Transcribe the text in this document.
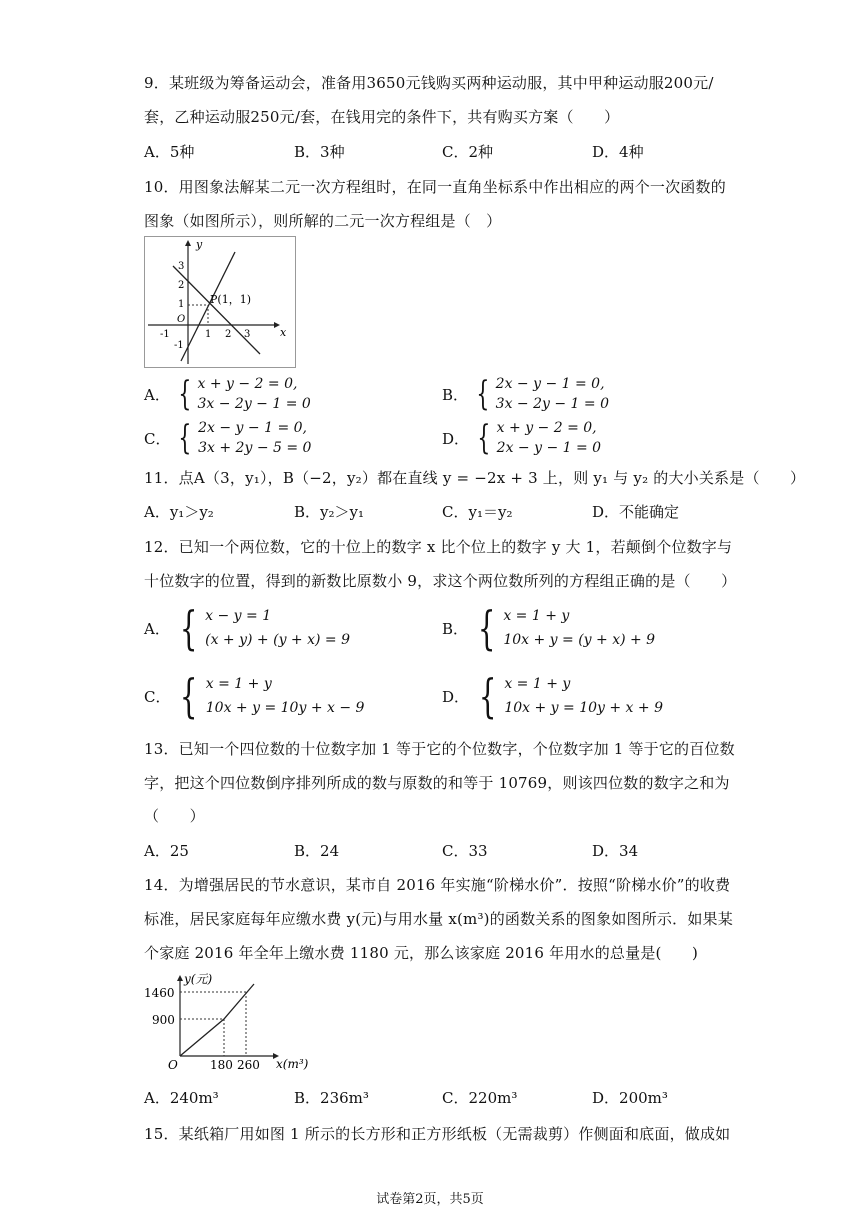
9．某班级为筹备运动会，准备用3650元钱购买两种运动服，其中甲种运动服200元/
套，乙种运动服250元/套，在钱用完的条件下，共有购买方案（　　）
A．5种	B．3种	C．2种	D．4种
10．用图象法解某二元一次方程组时，在同一直角坐标系中作出相应的两个一次函数的
图象（如图所示），则所解的二元一次方程组是（　）
y
x
O
P(1，1)
-1	1 2 3
3
2
1
-1
A． { x + y − 2 = 0,
3x − 2y − 1 = 0
B． { 2x − y − 1 = 0,
3x − 2y − 1 = 0
C． { 2x − y − 1 = 0,
3x + 2y − 5 = 0
D． { x + y − 2 = 0,
2x − y − 1 = 0
11．点A（3，y₁），B（−2，y₂）都在直线 y = −2x + 3 上，则 y₁ 与 y₂ 的大小关系是（　　）
A．y₁＞y₂	B．y₂＞y₁	C．y₁＝y₂	D．不能确定
12．已知一个两位数，它的十位上的数字 x 比个位上的数字 y 大 1，若颠倒个位数字与
十位数字的位置，得到的新数比原数小 9，求这个两位数所列的方程组正确的是（　　）
A． { x − y = 1
(x + y) + (y + x) = 9
B． { x = 1 + y
10x + y = (y + x) + 9
C． { x = 1 + y
10x + y = 10y + x − 9
D． { x = 1 + y
10x + y = 10y + x + 9
13．已知一个四位数的十位数字加 1 等于它的个位数字，个位数字加 1 等于它的百位数
字，把这个四位数倒序排列所成的数与原数的和等于 10769，则该四位数的数字之和为
（　　）
A．25	B．24	C．33	D．34
14．为增强居民的节水意识，某市自 2016 年实施“阶梯水价”．按照“阶梯水价”的收费
标准，居民家庭每年应缴水费 y(元)与用水量 x(m³)的函数关系的图象如图所示．如果某
个家庭 2016 年全年上缴水费 1180 元，那么该家庭 2016 年用水的总量是(　　)
y(元)
x(m³)
O
1460
900
180 260
A．240m³	B．236m³	C．220m³	D．200m³
15．某纸箱厂用如图 1 所示的长方形和正方形纸板（无需裁剪）作侧面和底面，做成如
试卷第2页，共5页
